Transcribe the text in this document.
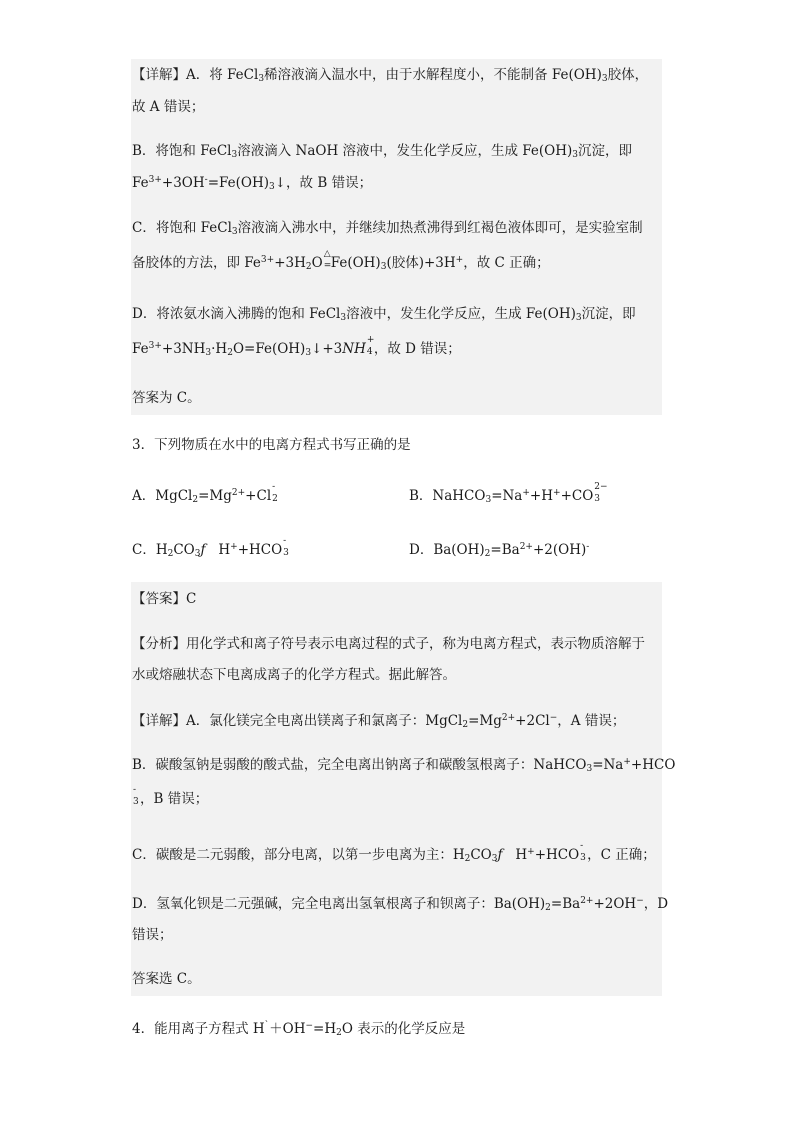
【详解】A．将 FeCl$_3$稀溶液滴入温水中，由于水解程度小，不能制备 $Fe(OH)_3$胶体，
故 A 错误；
B．将饱和 FeCl$_3$溶液滴入 NaOH 溶液中，发生化学反应，生成 $Fe(OH)_3$沉淀，即
$Fe^{3+}+3OH^-=Fe(OH)_3↓$，故 B 错误；
C．将饱和 FeCl$_3$溶液滴入沸水中，并继续加热煮沸得到红褐色液体即可，是实验室制
备胶体的方法，即 $Fe^{3+}+3H_2O$
△
= $Fe(OH)_3$(胶体)+3H+，故 C 正确；
D．将浓氨水滴入沸腾的饱和 FeCl$_3$溶液中，发生化学反应，生成 $Fe(OH)_3$沉淀，即
$Fe^{3+}+3NH_3\cdot H_2O=Fe(OH)_3↓+3NH$
+
4 ，故 D 错误；
答案为 C。
3．下列物质在水中的电离方程式书写正确的是
A．$MgCl_2=Mg^{2+}+Cl$
-
2	B．NaHCO$_3$=Na++H++CO
2−
3
C．$H_2CO_3ƒ$ H++HCO
-
3	D．$Ba(OH)_2=Ba^{2+}+2(OH)^-$
【答案】C
【分析】用化学式和离子符号表示电离过程的式子，称为电离方程式，表示物质溶解于
水或熔融状态下电离成离子的化学方程式。据此解答。
【详解】A．氯化镁完全电离出镁离子和氯离子：$MgCl_2=Mg^{2+}+2Cl^-$，A 错误；
B．碳酸氢钠是弱酸的酸式盐，完全电离出钠离子和碳酸氢根离子：NaHCO$_3$=Na++HCO
-
3 ，B 错误；
C．碳酸是二元弱酸，部分电离，以第一步电离为主：$H_2CO_3ƒ$ H++HCO
-
3 ，C 正确；
D．氢氧化钡是二元强碱，完全电离出氢氧根离子和钡离子：$Ba(OH)_2=Ba^{2+}+2OH^-$，D
错误；
答案选 C。
4．能用离子方程式 $H^`+OH^-=H_2O$ 表示的化学反应是
